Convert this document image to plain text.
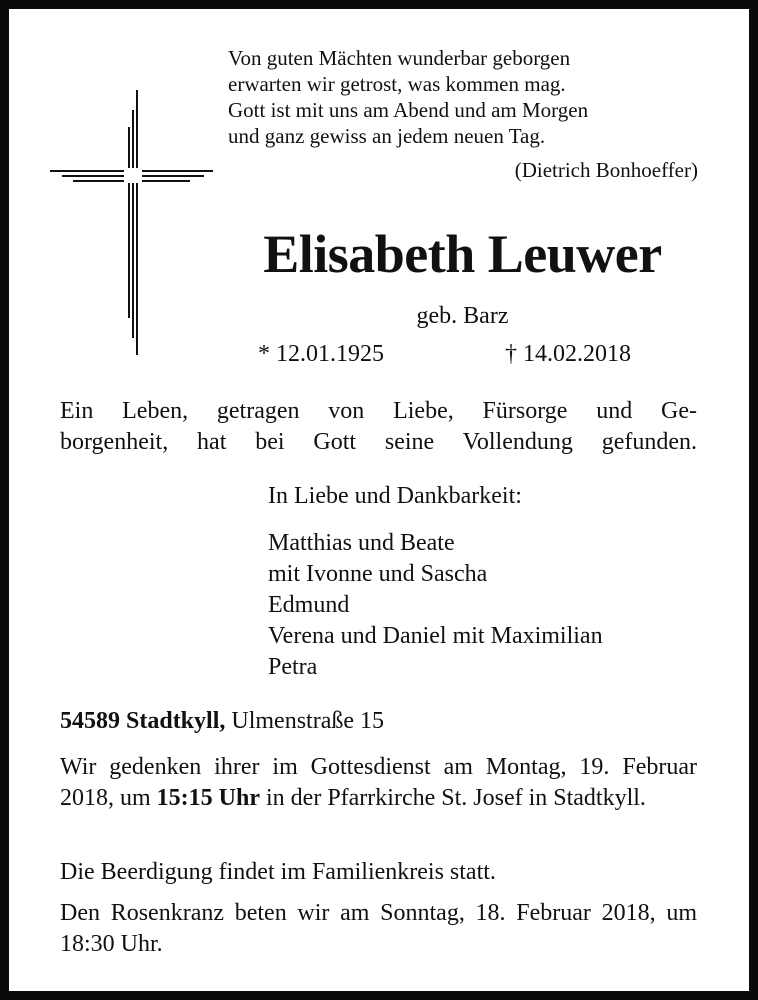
Von guten Mächten wunderbar geborgen
erwarten wir getrost, was kommen mag.
Gott ist mit uns am Abend und am Morgen
und ganz gewiss an jedem neuen Tag.
(Dietrich Bonhoeffer)
Elisabeth Leuwer
geb. Barz
* 12.01.1925	† 14.02.2018
Ein Leben, getragen von Liebe, Fürsorge und Ge-
borgenheit, hat bei Gott seine Vollendung gefunden.
In Liebe und Dankbarkeit:
Matthias und Beate
mit Ivonne und Sascha
Edmund
Verena und Daniel mit Maximilian
Petra
54589 Stadtkyll, Ulmenstraße 15
Wir gedenken ihrer im Gottesdienst am Montag, 19. Februar 2018, um 15:15 Uhr in der Pfarrkirche St. Josef in Stadtkyll.
Die Beerdigung findet im Familienkreis statt.
Den Rosenkranz beten wir am Sonntag, 18. Februar 2018, um 18:30 Uhr.
